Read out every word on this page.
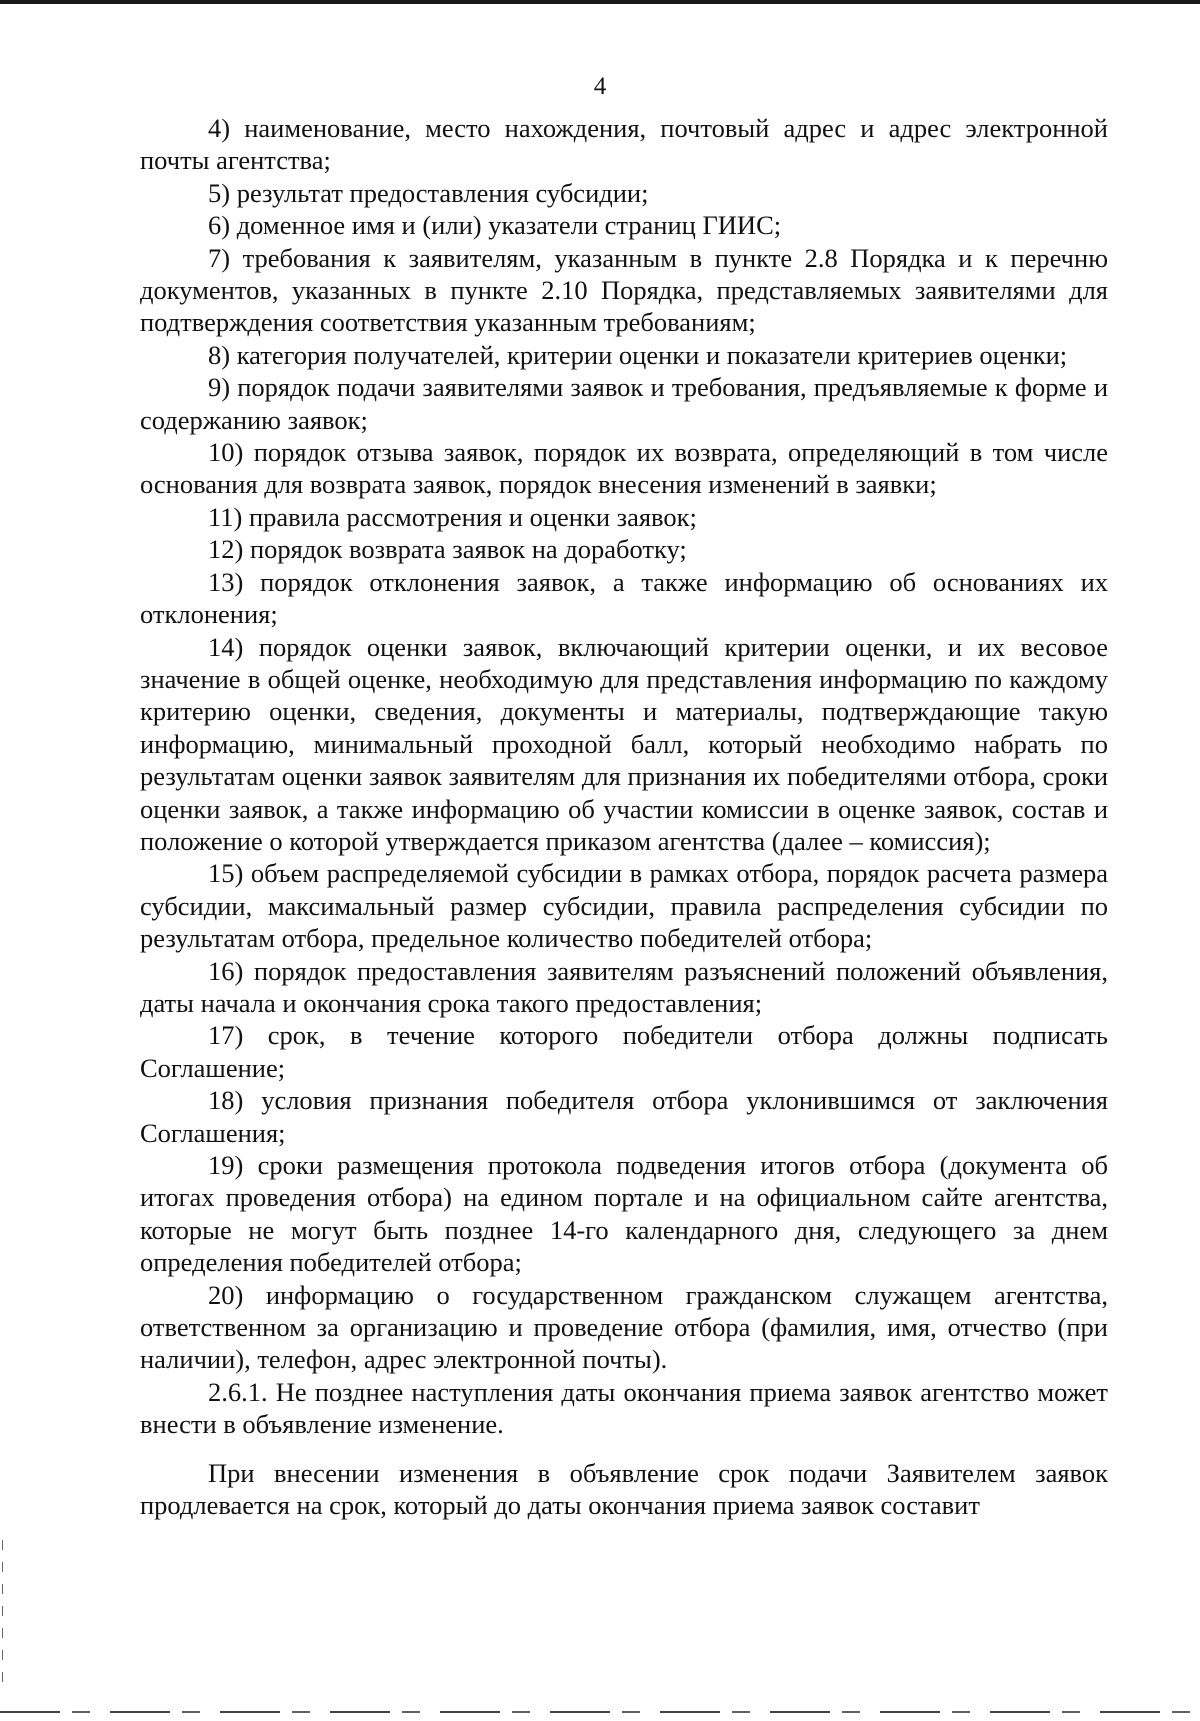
4

4) наименование, место нахождения, почтовый адрес и адрес электронной почты агентства;

5) результат предоставления субсидии;

6) доменное имя и (или) указатели страниц ГИИС;

7) требования к заявителям, указанным в пункте 2.8 Порядка и к перечню документов, указанных в пункте 2.10 Порядка, представляемых заявителями для подтверждения соответствия указанным требованиям;

8) категория получателей, критерии оценки и показатели критериев оценки;

9) порядок подачи заявителями заявок и требования, предъявляемые к форме и содержанию заявок;

10) порядок отзыва заявок, порядок их возврата, определяющий в том числе основания для возврата заявок, порядок внесения изменений в заявки;

11) правила рассмотрения и оценки заявок;

12) порядок возврата заявок на доработку;

13) порядок отклонения заявок, а также информацию об основаниях их отклонения;

14) порядок оценки заявок, включающий критерии оценки, и их весовое значение в общей оценке, необходимую для представления информацию по каждому критерию оценки, сведения, документы и материалы, подтверждающие такую информацию, минимальный проходной балл, который необходимо набрать по результатам оценки заявок заявителям для признания их победителями отбора, сроки оценки заявок, а также информацию об участии комиссии в оценке заявок, состав и положение о которой утверждается приказом агентства (далее – комиссия);

15) объем распределяемой субсидии в рамках отбора, порядок расчета размера субсидии, максимальный размер субсидии, правила распределения субсидии по результатам отбора, предельное количество победителей отбора;

16) порядок предоставления заявителям разъяснений положений объявления, даты начала и окончания срока такого предоставления;

17) срок, в течение которого победители отбора должны подписать Соглашение;

18) условия признания победителя отбора уклонившимся от заключения Соглашения;

19) сроки размещения протокола подведения итогов отбора (документа об итогах проведения отбора) на едином портале и на официальном сайте агентства, которые не могут быть позднее 14-го календарного дня, следующего за днем определения победителей отбора;

20) информацию о государственном гражданском служащем агентства, ответственном за организацию и проведение отбора (фамилия, имя, отчество (при наличии), телефон, адрес электронной почты).

2.6.1. Не позднее наступления даты окончания приема заявок агентство может внести в объявление изменение.

При внесении изменения в объявление срок подачи Заявителем заявок продлевается на срок, который до даты окончания приема заявок составит
